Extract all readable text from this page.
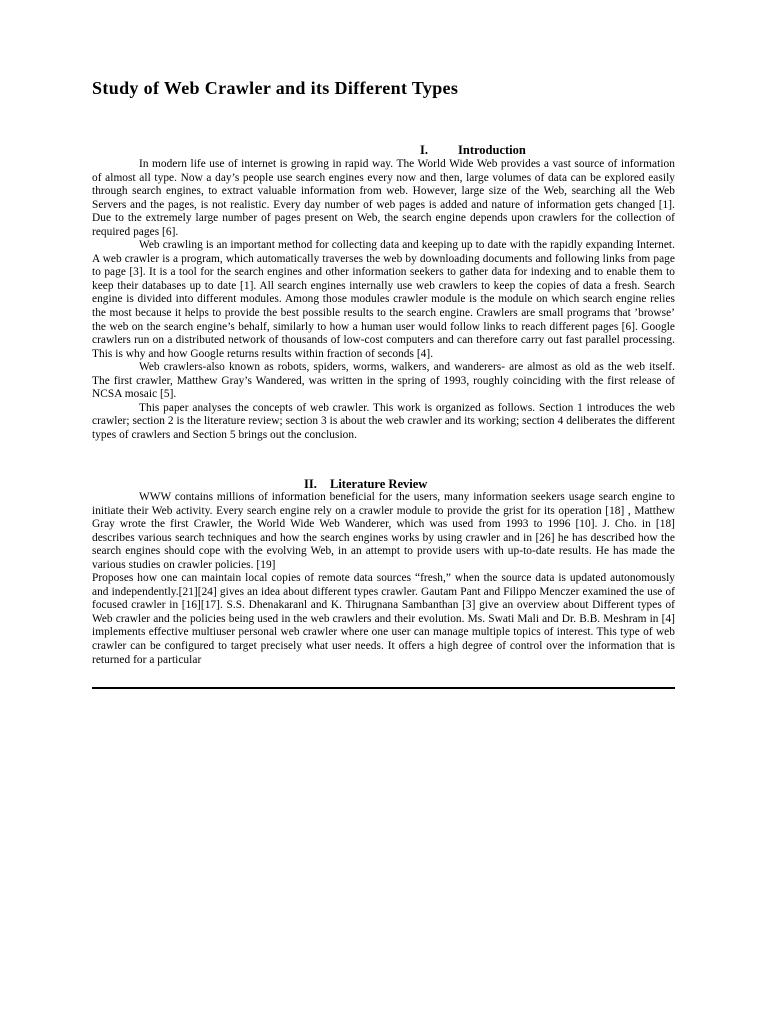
Study of Web Crawler and its Different Types
I. Introduction

In modern life use of internet is growing in rapid way. The World Wide Web provides a vast source of information of almost all type. Now a day’s people use search engines every now and then, large volumes of data can be explored easily through search engines, to extract valuable information from web. However, large size of the Web, searching all the Web Servers and the pages, is not realistic. Every day number of web pages is added and nature of information gets changed [1]. Due to the extremely large number of pages present on Web, the search engine depends upon crawlers for the collection of required pages [6].

Web crawling is an important method for collecting data and keeping up to date with the rapidly expanding Internet. A web crawler is a program, which automatically traverses the web by downloading documents and following links from page to page [3]. It is a tool for the search engines and other information seekers to gather data for indexing and to enable them to keep their databases up to date [1]. All search engines internally use web crawlers to keep the copies of data a fresh. Search engine is divided into different modules. Among those modules crawler module is the module on which search engine relies the most because it helps to provide the best possible results to the search engine. Crawlers are small programs that ’browse’ the web on the search engine’s behalf, similarly to how a human user would follow links to reach different pages [6]. Google crawlers run on a distributed network of thousands of low-cost computers and can therefore carry out fast parallel processing. This is why and how Google returns results within fraction of seconds [4].

Web crawlers-also known as robots, spiders, worms, walkers, and wanderers- are almost as old as the web itself. The first crawler, Matthew Gray’s Wandered, was written in the spring of 1993, roughly coinciding with the first release of NCSA mosaic [5].

This paper analyses the concepts of web crawler. This work is organized as follows. Section 1 introduces the web crawler; section 2 is the literature review; section 3 is about the web crawler and its working; section 4 deliberates the different types of crawlers and Section 5 brings out the conclusion.

II. Literature Review

WWW contains millions of information beneficial for the users, many information seekers usage search engine to initiate their Web activity. Every search engine rely on a crawler module to provide the grist for its operation [18] , Matthew Gray wrote the first Crawler, the World Wide Web Wanderer, which was used from 1993 to 1996 [10]. J. Cho. in [18] describes various search techniques and how the search engines works by using crawler and in [26] he has described how the search engines should cope with the evolving Web, in an attempt to provide users with up-to-date results. He has made the various studies on crawler policies. [19]

Proposes how one can maintain local copies of remote data sources “fresh,” when the source data is updated autonomously and independently.[21][24] gives an idea about different types crawler. Gautam Pant and Filippo Menczer examined the use of focused crawler in [16][17]. S.S. Dhenakaranl and K. Thirugnana Sambanthan [3] give an overview about Different types of Web crawler and the policies being used in the web crawlers and their evolution. Ms. Swati Mali and Dr. B.B. Meshram in [4] implements effective multiuser personal web crawler where one user can manage multiple topics of interest. This type of web crawler can be configured to target precisely what user needs. It offers a high degree of control over the information that is returned for a particular
